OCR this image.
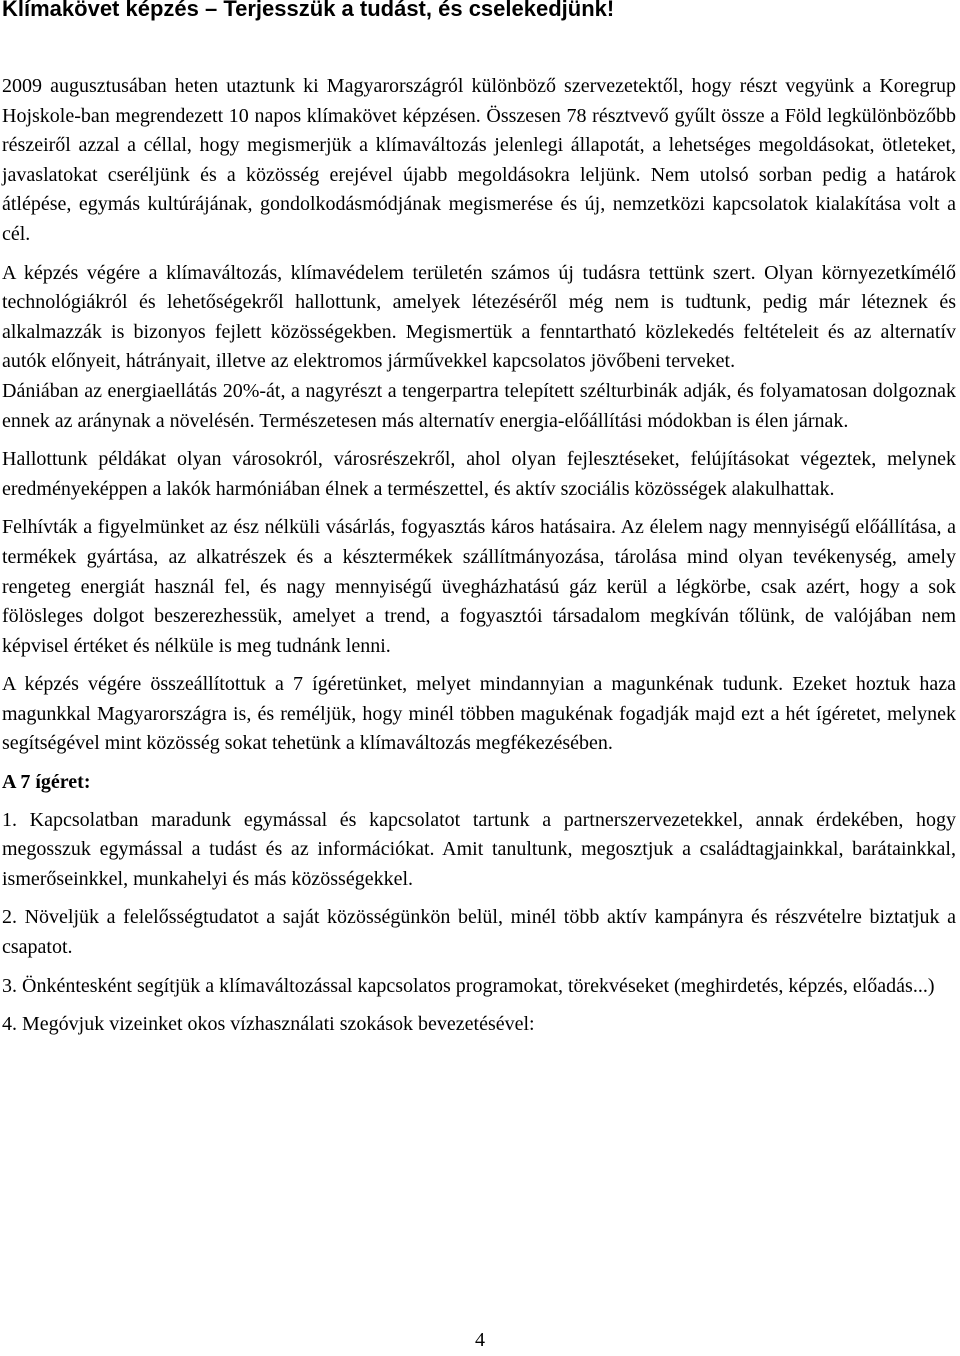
Klímakövet képzés – Terjesszük a tudást, és cselekedjünk!

2009 augusztusában heten utaztunk ki Magyarországról különböző szervezetektől, hogy részt vegyünk a Koregrup Hojskole-ban megrendezett 10 napos klímakövet képzésen. Összesen 78 résztvevő gyűlt össze a Föld legkülönbözőbb részeiről azzal a céllal, hogy megismerjük a klímaváltozás jelenlegi állapotát, a lehetséges megoldásokat, ötleteket, javaslatokat cseréljünk és a közösség erejével újabb megoldásokra leljünk. Nem utolsó sorban pedig a határok átlépése, egymás kultúrájának, gondolkodásmódjának megismerése és új, nemzetközi kapcsolatok kialakítása volt a cél.

A képzés végére a klímaváltozás, klímavédelem területén számos új tudásra tettünk szert. Olyan környezetkímélő technológiákról és lehetőségekről hallottunk, amelyek létezéséről még nem is tudtunk, pedig már léteznek és alkalmazzák is bizonyos fejlett közösségekben. Megismertük a fenntartható közlekedés feltételeit és az alternatív autók előnyeit, hátrányait, illetve az elektromos járművekkel kapcsolatos jövőbeni terveket.

Dániában az energiaellátás 20%-át, a nagyrészt a tengerpartra telepített szélturbinák adják, és folyamatosan dolgoznak ennek az aránynak a növelésén. Természetesen más alternatív energia-előállítási módokban is élen járnak.

Hallottunk példákat olyan városokról, városrészekről, ahol olyan fejlesztéseket, felújításokat végeztek, melynek eredményeképpen a lakók harmóniában élnek a természettel, és aktív szociális közösségek alakulhattak.

Felhívták a figyelmünket az ész nélküli vásárlás, fogyasztás káros hatásaira. Az élelem nagy mennyiségű előállítása, a termékek gyártása, az alkatrészek és a késztermékek szállítmányozása, tárolása mind olyan tevékenység, amely rengeteg energiát használ fel, és nagy mennyiségű üvegházhatású gáz kerül a légkörbe, csak azért, hogy a sok fölösleges dolgot beszerezhessük, amelyet a trend, a fogyasztói társadalom megkíván tőlünk, de valójában nem képvisel értéket és nélküle is meg tudnánk lenni.

A képzés végére összeállítottuk a 7 ígéretünket, melyet mindannyian a magunkénak tudunk. Ezeket hoztuk haza magunkkal Magyarországra is, és reméljük, hogy minél többen magukénak fogadják majd ezt a hét ígéretet, melynek segítségével mint közösség sokat tehetünk a klímaváltozás megfékezésében.

A 7 ígéret:

1. Kapcsolatban maradunk egymással és kapcsolatot tartunk a partnerszervezetekkel, annak érdekében, hogy megosszuk egymással a tudást és az információkat. Amit tanultunk, megosztjuk a családtagjainkkal, barátainkkal, ismerőseinkkel, munkahelyi és más közösségekkel.

2. Növeljük a felelősségtudatot a saját közösségünkön belül, minél több aktív kampányra és részvételre biztatjuk a csapatot.

3. Önkéntesként segítjük a klímaváltozással kapcsolatos programokat, törekvéseket (meghirdetés, képzés, előadás...)

4. Megóvjuk vizeinket okos vízhasználati szokások bevezetésével:

4
